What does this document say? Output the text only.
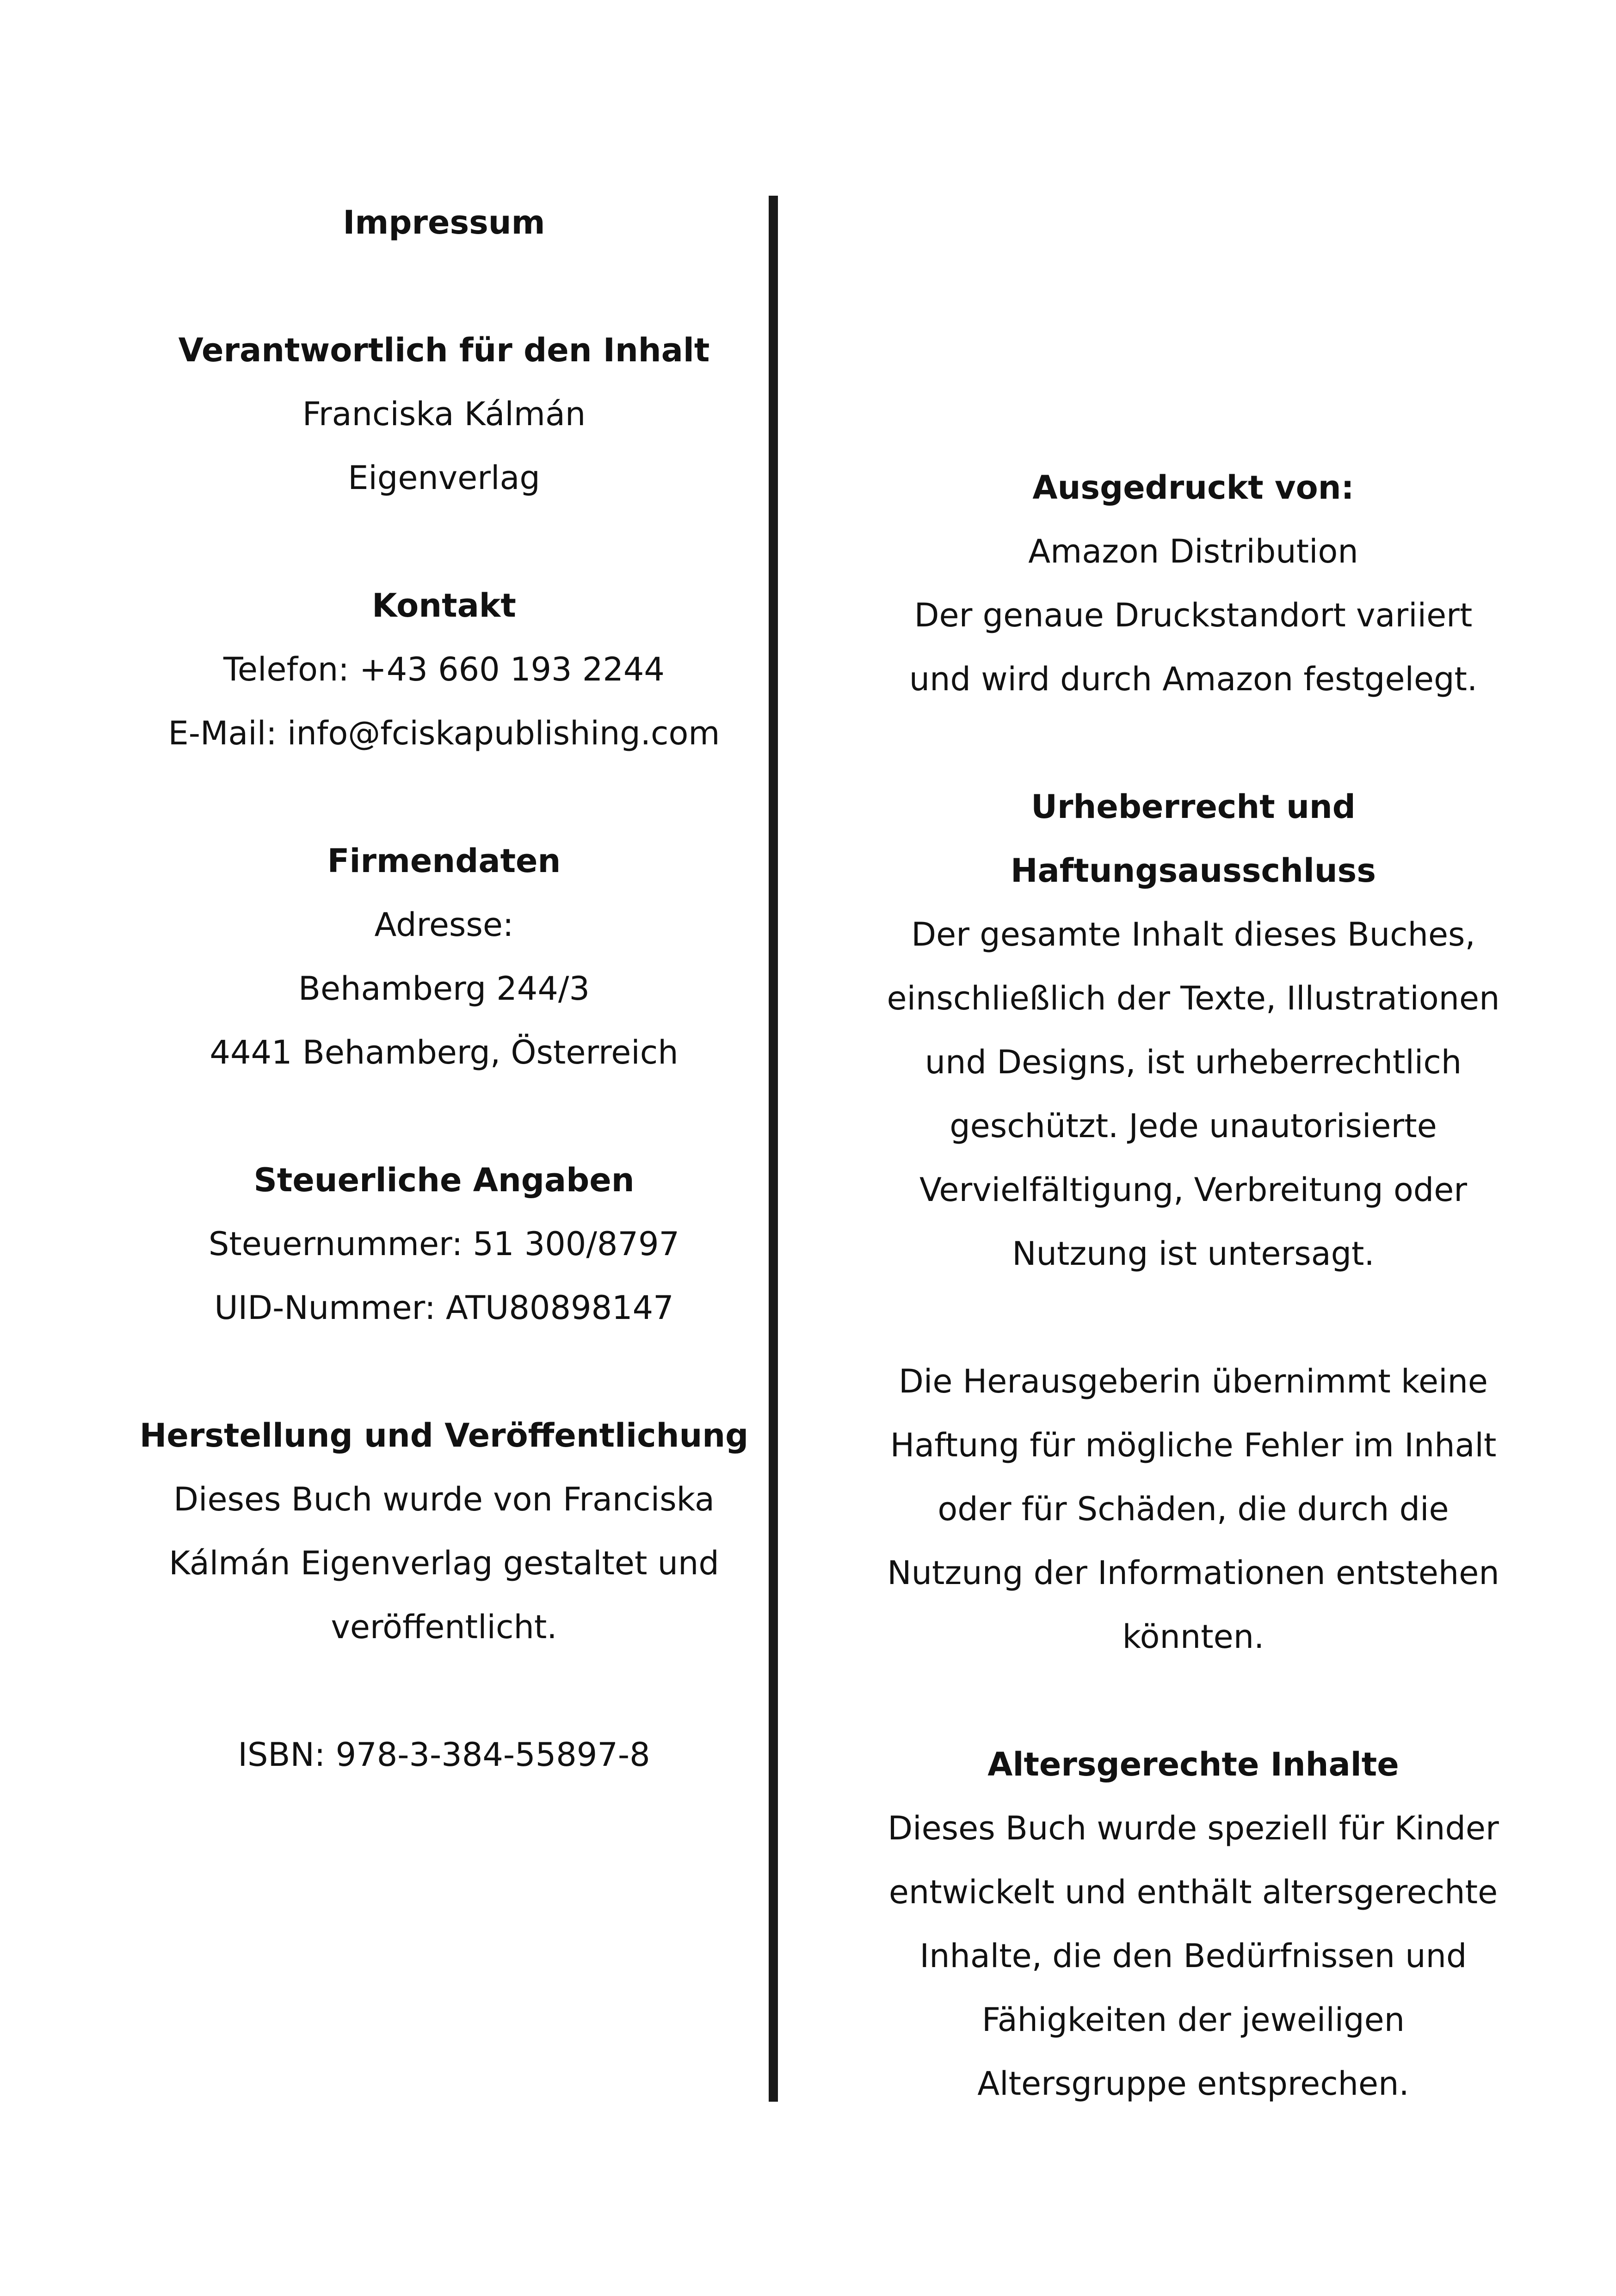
Impressum
Verantwortlich für den Inhalt
Franciska Kálmán
Eigenverlag
Kontakt
Telefon: +43 660 193 2244
E-Mail: info@fciskapublishing.com
Firmendaten
Adresse:
Behamberg 244/3
4441 Behamberg, Österreich
Steuerliche Angaben
Steuernummer: 51 300/8797
UID-Nummer: ATU80898147
Herstellung und Veröffentlichung
Dieses Buch wurde von Franciska
Kálmán Eigenverlag gestaltet und
veröffentlicht.
ISBN: 978-3-384-55897-8
Ausgedruckt von:
Amazon Distribution
Der genaue Druckstandort variiert
und wird durch Amazon festgelegt.
Urheberrecht und
Haftungsausschluss
Der gesamte Inhalt dieses Buches,
einschließlich der Texte, Illustrationen
und Designs, ist urheberrechtlich
geschützt. Jede unautorisierte
Vervielfältigung, Verbreitung oder
Nutzung ist untersagt.
Die Herausgeberin übernimmt keine
Haftung für mögliche Fehler im Inhalt
oder für Schäden, die durch die
Nutzung der Informationen entstehen
könnten.
Altersgerechte Inhalte
Dieses Buch wurde speziell für Kinder
entwickelt und enthält altersgerechte
Inhalte, die den Bedürfnissen und
Fähigkeiten der jeweiligen
Altersgruppe entsprechen.
